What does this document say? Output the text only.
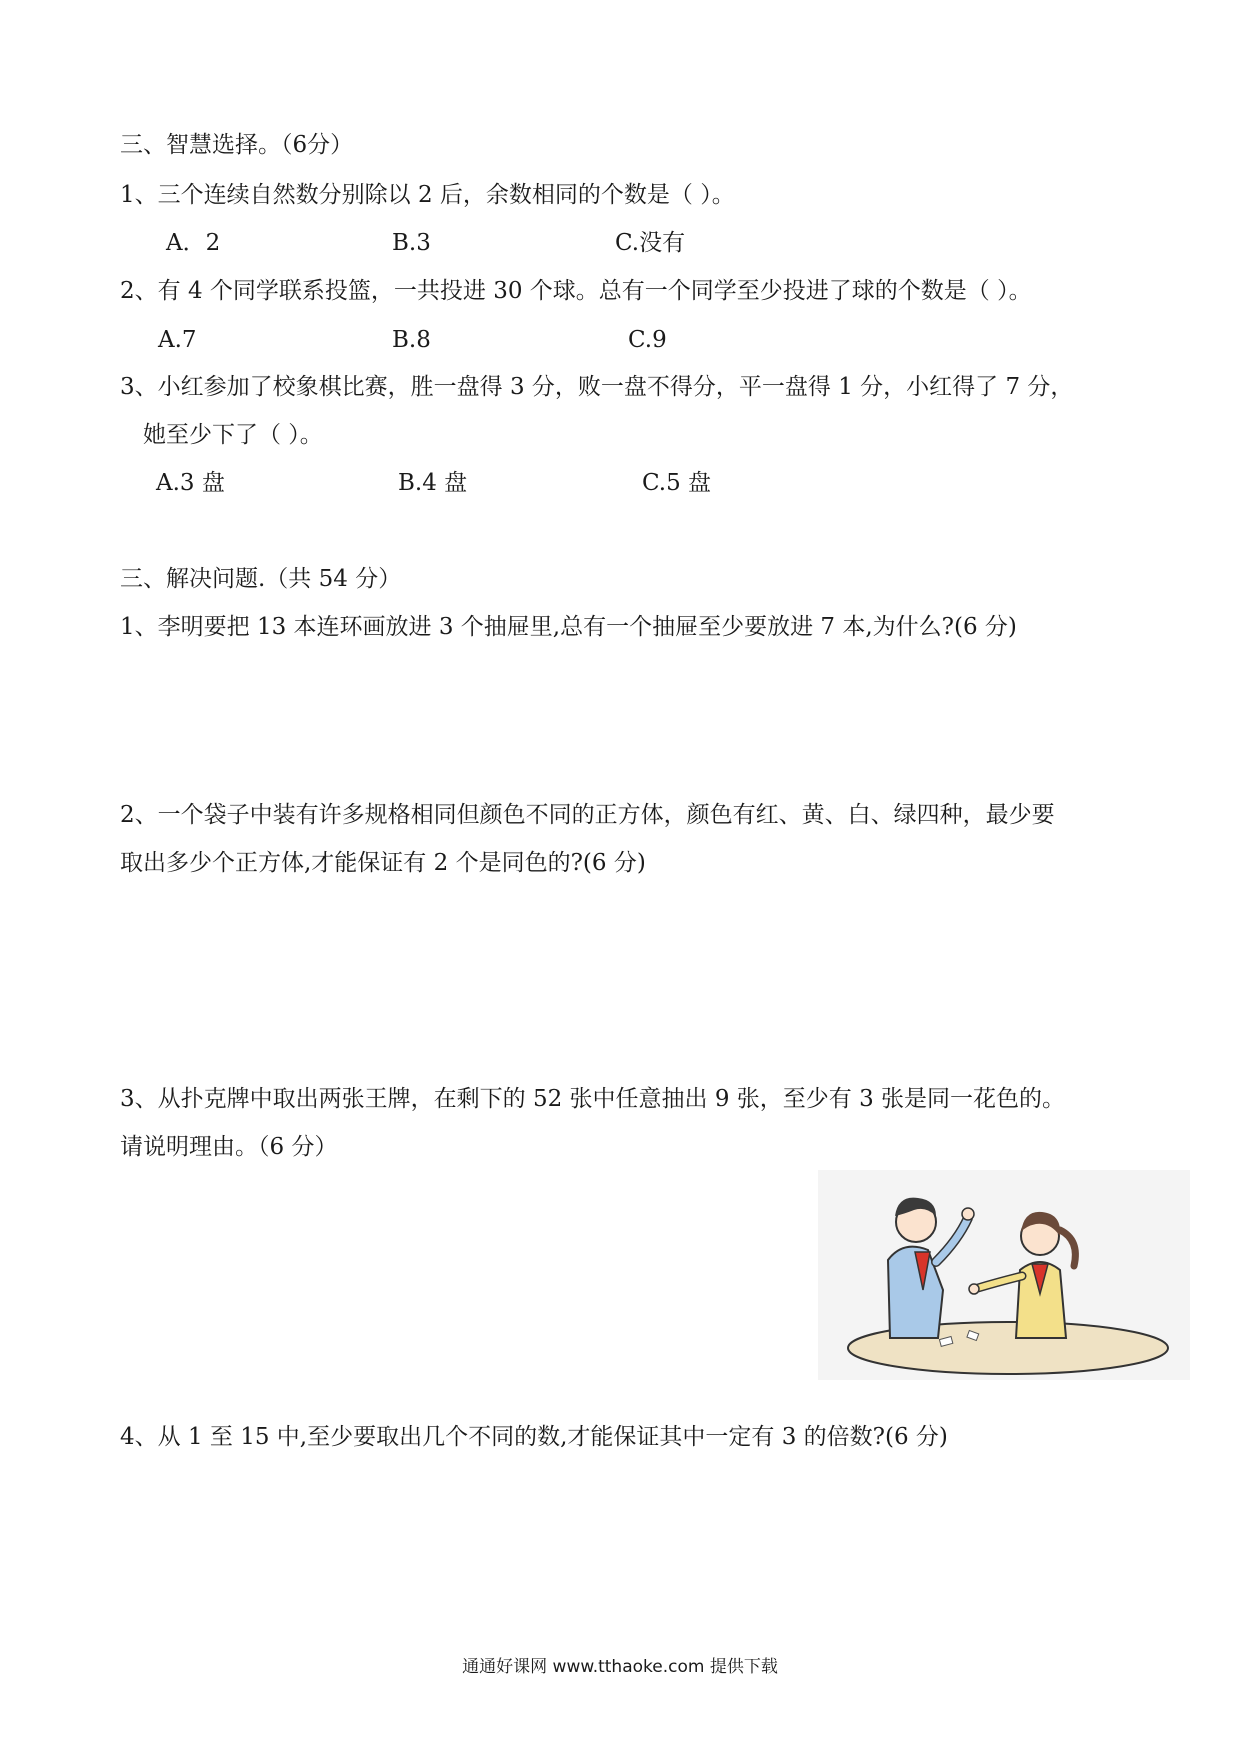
三、智慧选择。（6分）
1、三个连续自然数分别除以 2 后，余数相同的个数是（ ）。
A．2	B.3	C.没有
2、有 4 个同学联系投篮，一共投进 30 个球。总有一个同学至少投进了球的个数是（ ）。
A.7	B.8	C.9
3、小红参加了校象棋比赛，胜一盘得 3 分，败一盘不得分，平一盘得 1 分，小红得了 7 分，
她至少下了（ ）。
A.3 盘	B.4 盘	C.5 盘
三、解决问题.（共 54 分）
1、李明要把 13 本连环画放进 3 个抽屉里,总有一个抽屉至少要放进 7 本,为什么?(6 分)
2、一个袋子中装有许多规格相同但颜色不同的正方体，颜色有红、黄、白、绿四种，最少要
取出多少个正方体,才能保证有 2 个是同色的?(6 分)
3、从扑克牌中取出两张王牌，在剩下的 52 张中任意抽出 9 张，至少有 3 张是同一花色的。
请说明理由。（6 分）
4、从 1 至 15 中,至少要取出几个不同的数,才能保证其中一定有 3 的倍数?(6 分)
通通好课网 www.tthaoke.com 提供下载
